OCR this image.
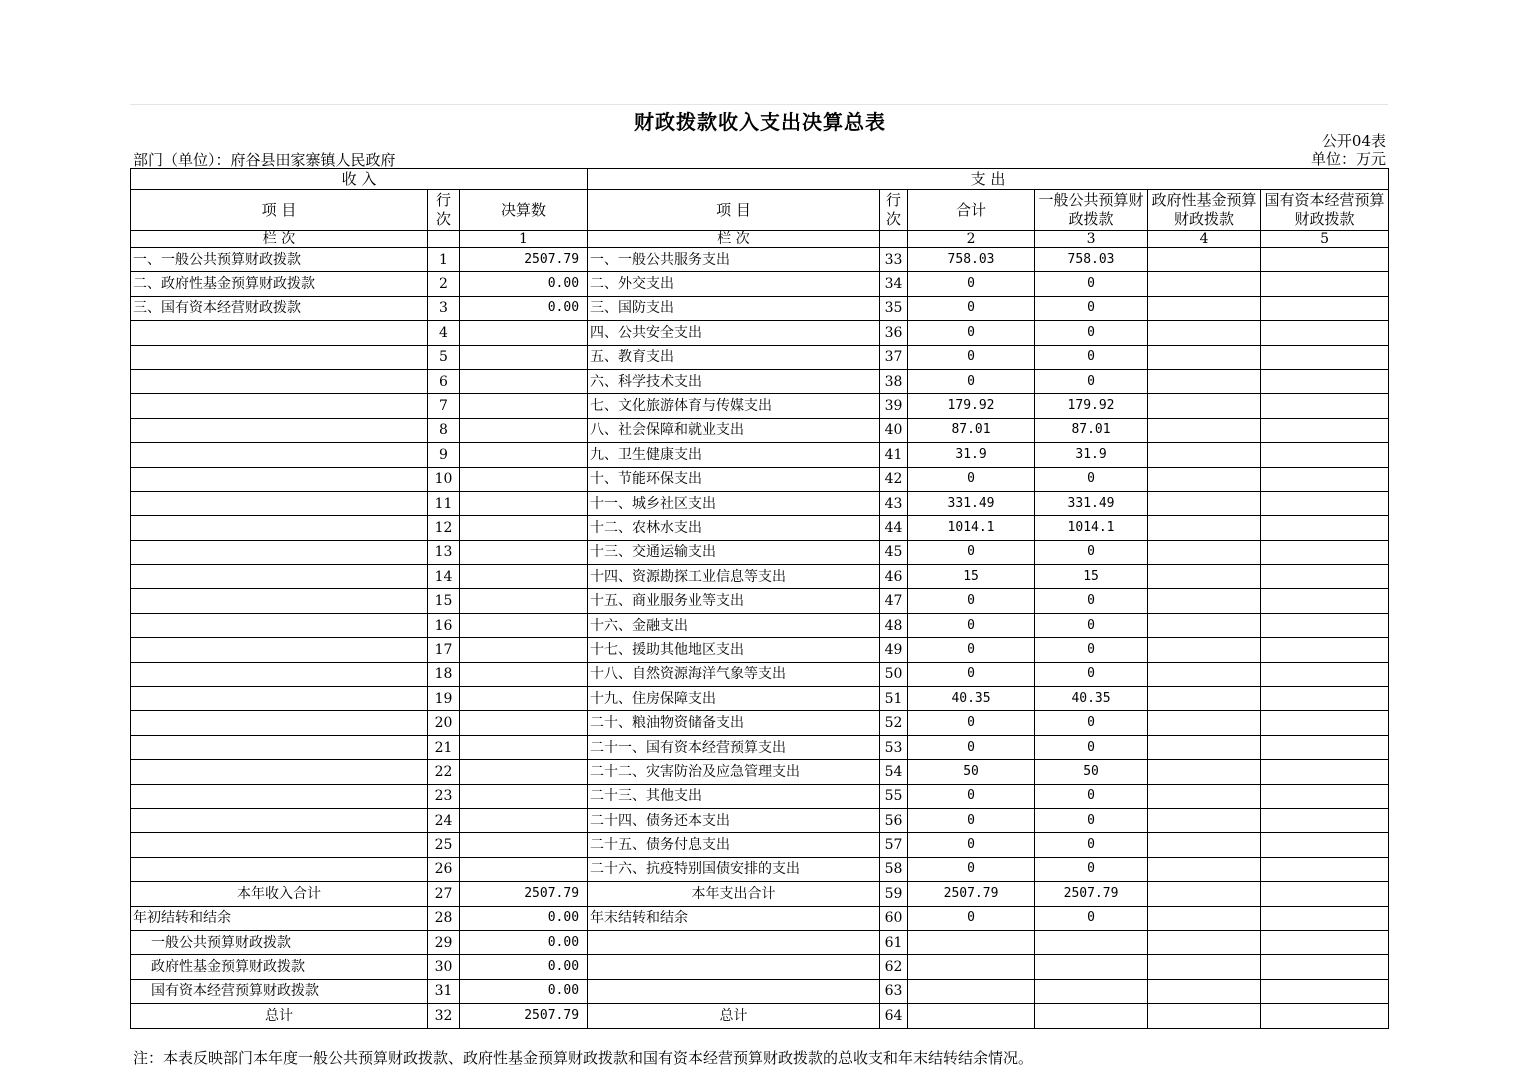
财政拨款收入支出决算总表
公开04表
部门（单位）：府谷县田家寨镇人民政府	单位：万元
收 入			支 出					
项 目	行次	决算数	项 目	行次	合计	一般公共预算财政拨款	政府性基金预算财政拨款	国有资本经营预算财政拨款
栏 次		1	栏 次		2	3	4	5
一、一般公共预算财政拨款	1	2507.79	一、一般公共服务支出	33	758.03	758.03		
二、政府性基金预算财政拨款	2	0.00	二、外交支出	34	0	0		
三、国有资本经营财政拨款	3	0.00	三、国防支出	35	0	0		
	4		四、公共安全支出	36	0	0		
	5		五、教育支出	37	0	0		
	6		六、科学技术支出	38	0	0		
	7		七、文化旅游体育与传媒支出	39	179.92	179.92		
	8		八、社会保障和就业支出	40	87.01	87.01		
	9		九、卫生健康支出	41	31.9	31.9		
	10		十、节能环保支出	42	0	0		
	11		十一、城乡社区支出	43	331.49	331.49		
	12		十二、农林水支出	44	1014.1	1014.1		
	13		十三、交通运输支出	45	0	0		
	14		十四、资源勘探工业信息等支出	46	15	15		
	15		十五、商业服务业等支出	47	0	0		
	16		十六、金融支出	48	0	0		
	17		十七、援助其他地区支出	49	0	0		
	18		十八、自然资源海洋气象等支出	50	0	0		
	19		十九、住房保障支出	51	40.35	40.35		
	20		二十、粮油物资储备支出	52	0	0		
	21		二十一、国有资本经营预算支出	53	0	0		
	22		二十二、灾害防治及应急管理支出	54	50	50		
	23		二十三、其他支出	55	0	0		
	24		二十四、债务还本支出	56	0	0		
	25		二十五、债务付息支出	57	0	0		
	26		二十六、抗疫特别国债安排的支出	58	0	0		
本年收入合计	27	2507.79	本年支出合计	59	2507.79	2507.79		
年初结转和结余	28	0.00	年末结转和结余	60	0	0		
一般公共预算财政拨款	29	0.00		61				
政府性基金预算财政拨款	30	0.00		62				
国有资本经营预算财政拨款	31	0.00		63				
总计	32	2507.79	总计	64				
注：本表反映部门本年度一般公共预算财政拨款、政府性基金预算财政拨款和国有资本经营预算财政拨款的总收支和年末结转结余情况。
